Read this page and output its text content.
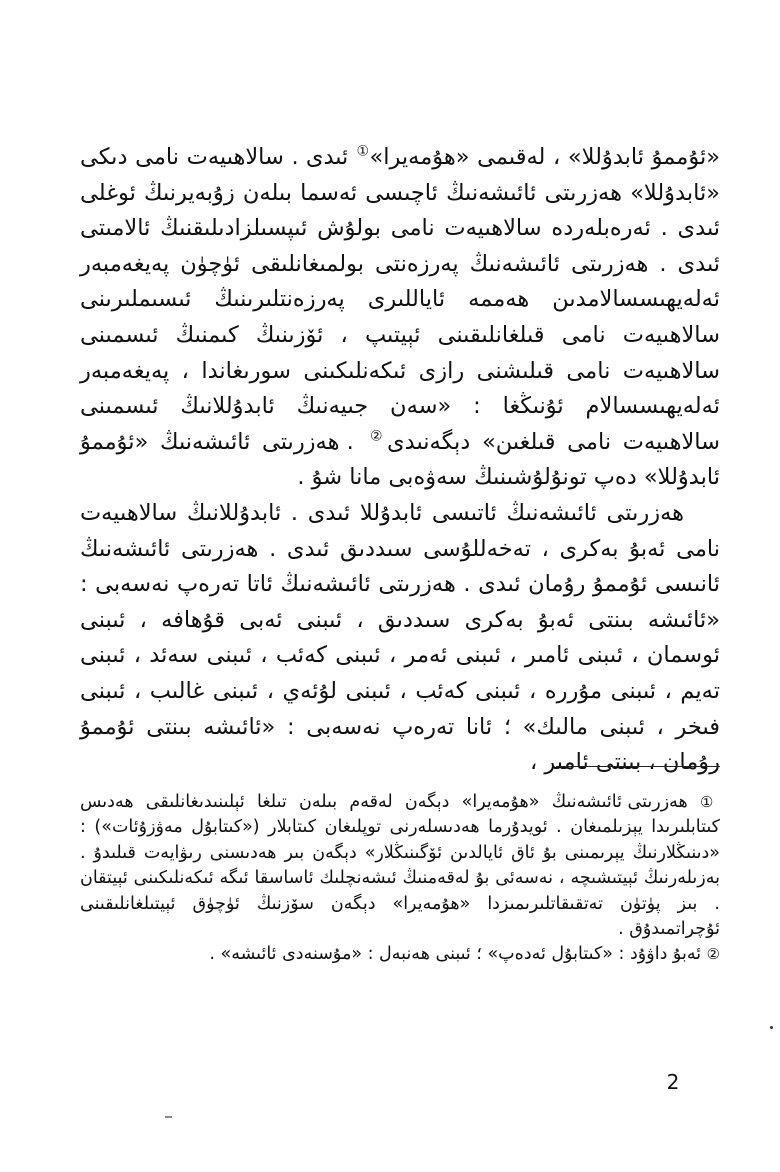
«ئۇممۇ ئابدۇللا» ، لەقىمى «ھۇمەيرا»① ئىدى . سالاھىيەت نامى دىكى «ئابدۇللا» ھەزرىتى ئائىشەنىڭ ئاچىسى ئەسما بىلەن زۇبەيرنىڭ ئوغلى ئىدى . ئەرەبلەردە سالاھىيەت نامى بولۇش ئىپسىلزادىلىقنىڭ ئالامىتى ئىدى . ھەزرىتى ئائىشەنىڭ پەرزەنتى بولمىغانلىقى ئۈچۈن پەيغەمبەر ئەلەيھىسسالامدىن ھەممە ئاياللىرى پەرزەنتلىرىنىڭ ئىسىملىرىنى سالاھىيەت نامى قىلغانلىقىنى ئېيتىپ ، ئۆزىنىڭ كىمنىڭ ئىسمىنى سالاھىيەت نامى قىلىشنى رازى ئىكەنلىكىنى سورىغاندا ، پەيغەمبەر ئەلەيھىسسالام ئۇنىڭغا : «سەن جىيەنىڭ ئابدۇللانىڭ ئىسمىنى سالاھىيەت نامى قىلغىن» دېگەنىدى② . ھەزرىتى ئائىشەنىڭ «ئۇممۇ ئابدۇللا» دەپ تونۇلۇشىنىڭ سەۋەبى مانا شۇ .

ھەزرىتى ئائىشەنىڭ ئاتىسى ئابدۇللا ئىدى . ئابدۇللانىڭ سالاھىيەت نامى ئەبۇ بەكرى ، تەخەللۇسى سىددىق ئىدى . ھەزرىتى ئائىشەنىڭ ئانىسى ئۇممۇ رۇمان ئىدى . ھەزرىتى ئائىشەنىڭ ئاتا تەرەپ نەسەبى : «ئائىشە بىنتى ئەبۇ بەكرى سىددىق ، ئىبنى ئەبى قۇھافە ، ئىبنى ئوسمان ، ئىبنى ئامىر ، ئىبنى ئەمر ، ئىبنى كەئب ، ئىبنى سەئد ، ئىبنى تەيم ، ئىبنى مۇررە ، ئىبنى كەئب ، ئىبنى لۇئەي ، ئىبنى غالىب ، ئىبنى فىخر ، ئىبنى مالىك» ؛ ئانا تەرەپ نەسەبى : «ئائىشە بىنتى ئۇممۇ رۇمان ، بىنتى ئامىر ،

① ھەزرىتى ئائىشەنىڭ «ھۇمەيرا» دېگەن لەقەم بىلەن تىلغا ئېلىنىدىغانلىقى ھەدىس كىتابلىرىدا يېزىلمىغان . ئويدۇرما ھەدىسلەرنى توپلىغان كىتابلار («كىتابۇل مەۋزۇئات») : «دىنىڭلارنىڭ يېرىمىنى بۇ ئاق ئايالدىن ئۆگىنىڭلار» دېگەن بىر ھەدىسنى رىۋايەت قىلىدۇ . بەزىلەرنىڭ ئېيتىشىچە ، نەسەئى بۇ لەقەمنىڭ ئىشەنچلىك ئاساسقا ئىگە ئىكەنلىكىنى ئېيتقان . بىز پۈتۈن تەتقىقاتلىرىمىزدا «ھۇمەيرا» دېگەن سۆزنىڭ ئۈچۈق ئېيتىلغانلىقىنى ئۇچراتمىدۇق .

② ئەبۇ داۋۇد : «كىتابۇل ئەدەپ» ؛ ئىبنى ھەنبەل : «مۇسنەدى ئائىشە» .

2
